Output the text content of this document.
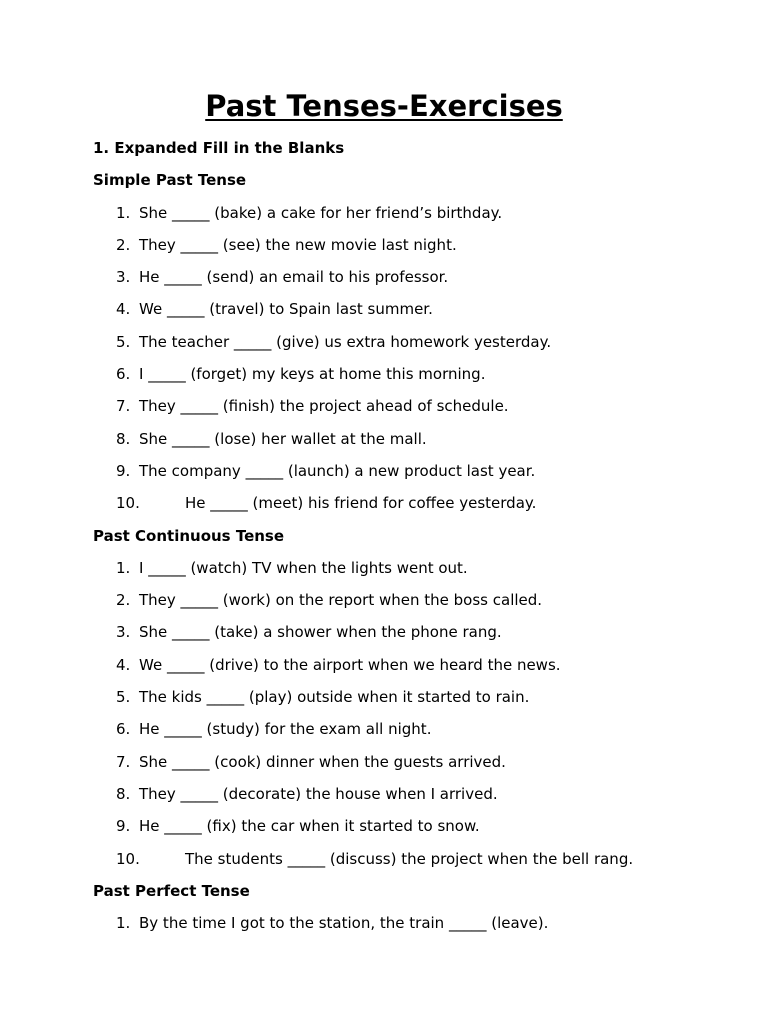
Past Tenses-Exercises
1. Expanded Fill in the Blanks
Simple Past Tense
1. She _____ (bake) a cake for her friend’s birthday.
2. They _____ (see) the new movie last night.
3. He _____ (send) an email to his professor.
4. We _____ (travel) to Spain last summer.
5. The teacher _____ (give) us extra homework yesterday.
6. I _____ (forget) my keys at home this morning.
7. They _____ (finish) the project ahead of schedule.
8. She _____ (lose) her wallet at the mall.
9. The company _____ (launch) a new product last year.
10.	He _____ (meet) his friend for coffee yesterday.
Past Continuous Tense
1. I _____ (watch) TV when the lights went out.
2. They _____ (work) on the report when the boss called.
3. She _____ (take) a shower when the phone rang.
4. We _____ (drive) to the airport when we heard the news.
5. The kids _____ (play) outside when it started to rain.
6. He _____ (study) for the exam all night.
7. She _____ (cook) dinner when the guests arrived.
8. They _____ (decorate) the house when I arrived.
9. He _____ (fix) the car when it started to snow.
10.	The students _____ (discuss) the project when the bell rang.
Past Perfect Tense
1. By the time I got to the station, the train _____ (leave).
